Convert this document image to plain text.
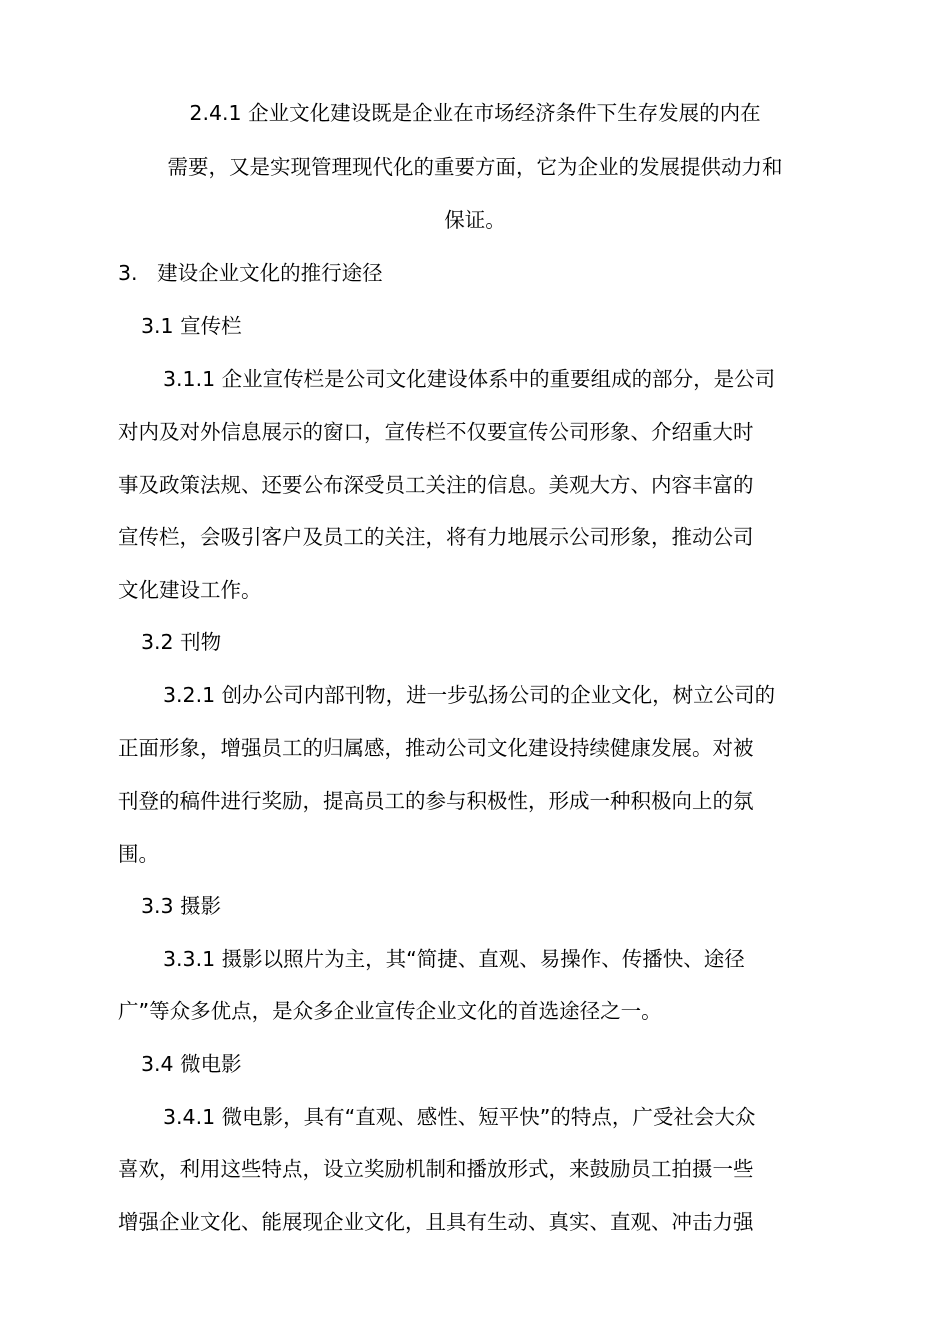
2.4.1 企业文化建设既是企业在市场经济条件下生存发展的内在
需要，又是实现管理现代化的重要方面，它为企业的发展提供动力和
保证。
3.   建设企业文化的推行途径
3.1 宣传栏
3.1.1 企业宣传栏是公司文化建设体系中的重要组成的部分，是公司
对内及对外信息展示的窗口，宣传栏不仅要宣传公司形象、介绍重大时
事及政策法规、还要公布深受员工关注的信息。美观大方、内容丰富的
宣传栏，会吸引客户及员工的关注，将有力地展示公司形象，推动公司
文化建设工作。
3.2 刊物
3.2.1 创办公司内部刊物，进一步弘扬公司的企业文化，树立公司的
正面形象，增强员工的归属感，推动公司文化建设持续健康发展。对被
刊登的稿件进行奖励，提高员工的参与积极性，形成一种积极向上的氛
围。
3.3 摄影
3.3.1 摄影以照片为主，其“简捷、直观、易操作、传播快、途径
广”等众多优点，是众多企业宣传企业文化的首选途径之一。
3.4 微电影
3.4.1 微电影，具有“直观、感性、短平快”的特点，广受社会大众
喜欢，利用这些特点，设立奖励机制和播放形式，来鼓励员工拍摄一些
增强企业文化、能展现企业文化，且具有生动、真实、直观、冲击力强
